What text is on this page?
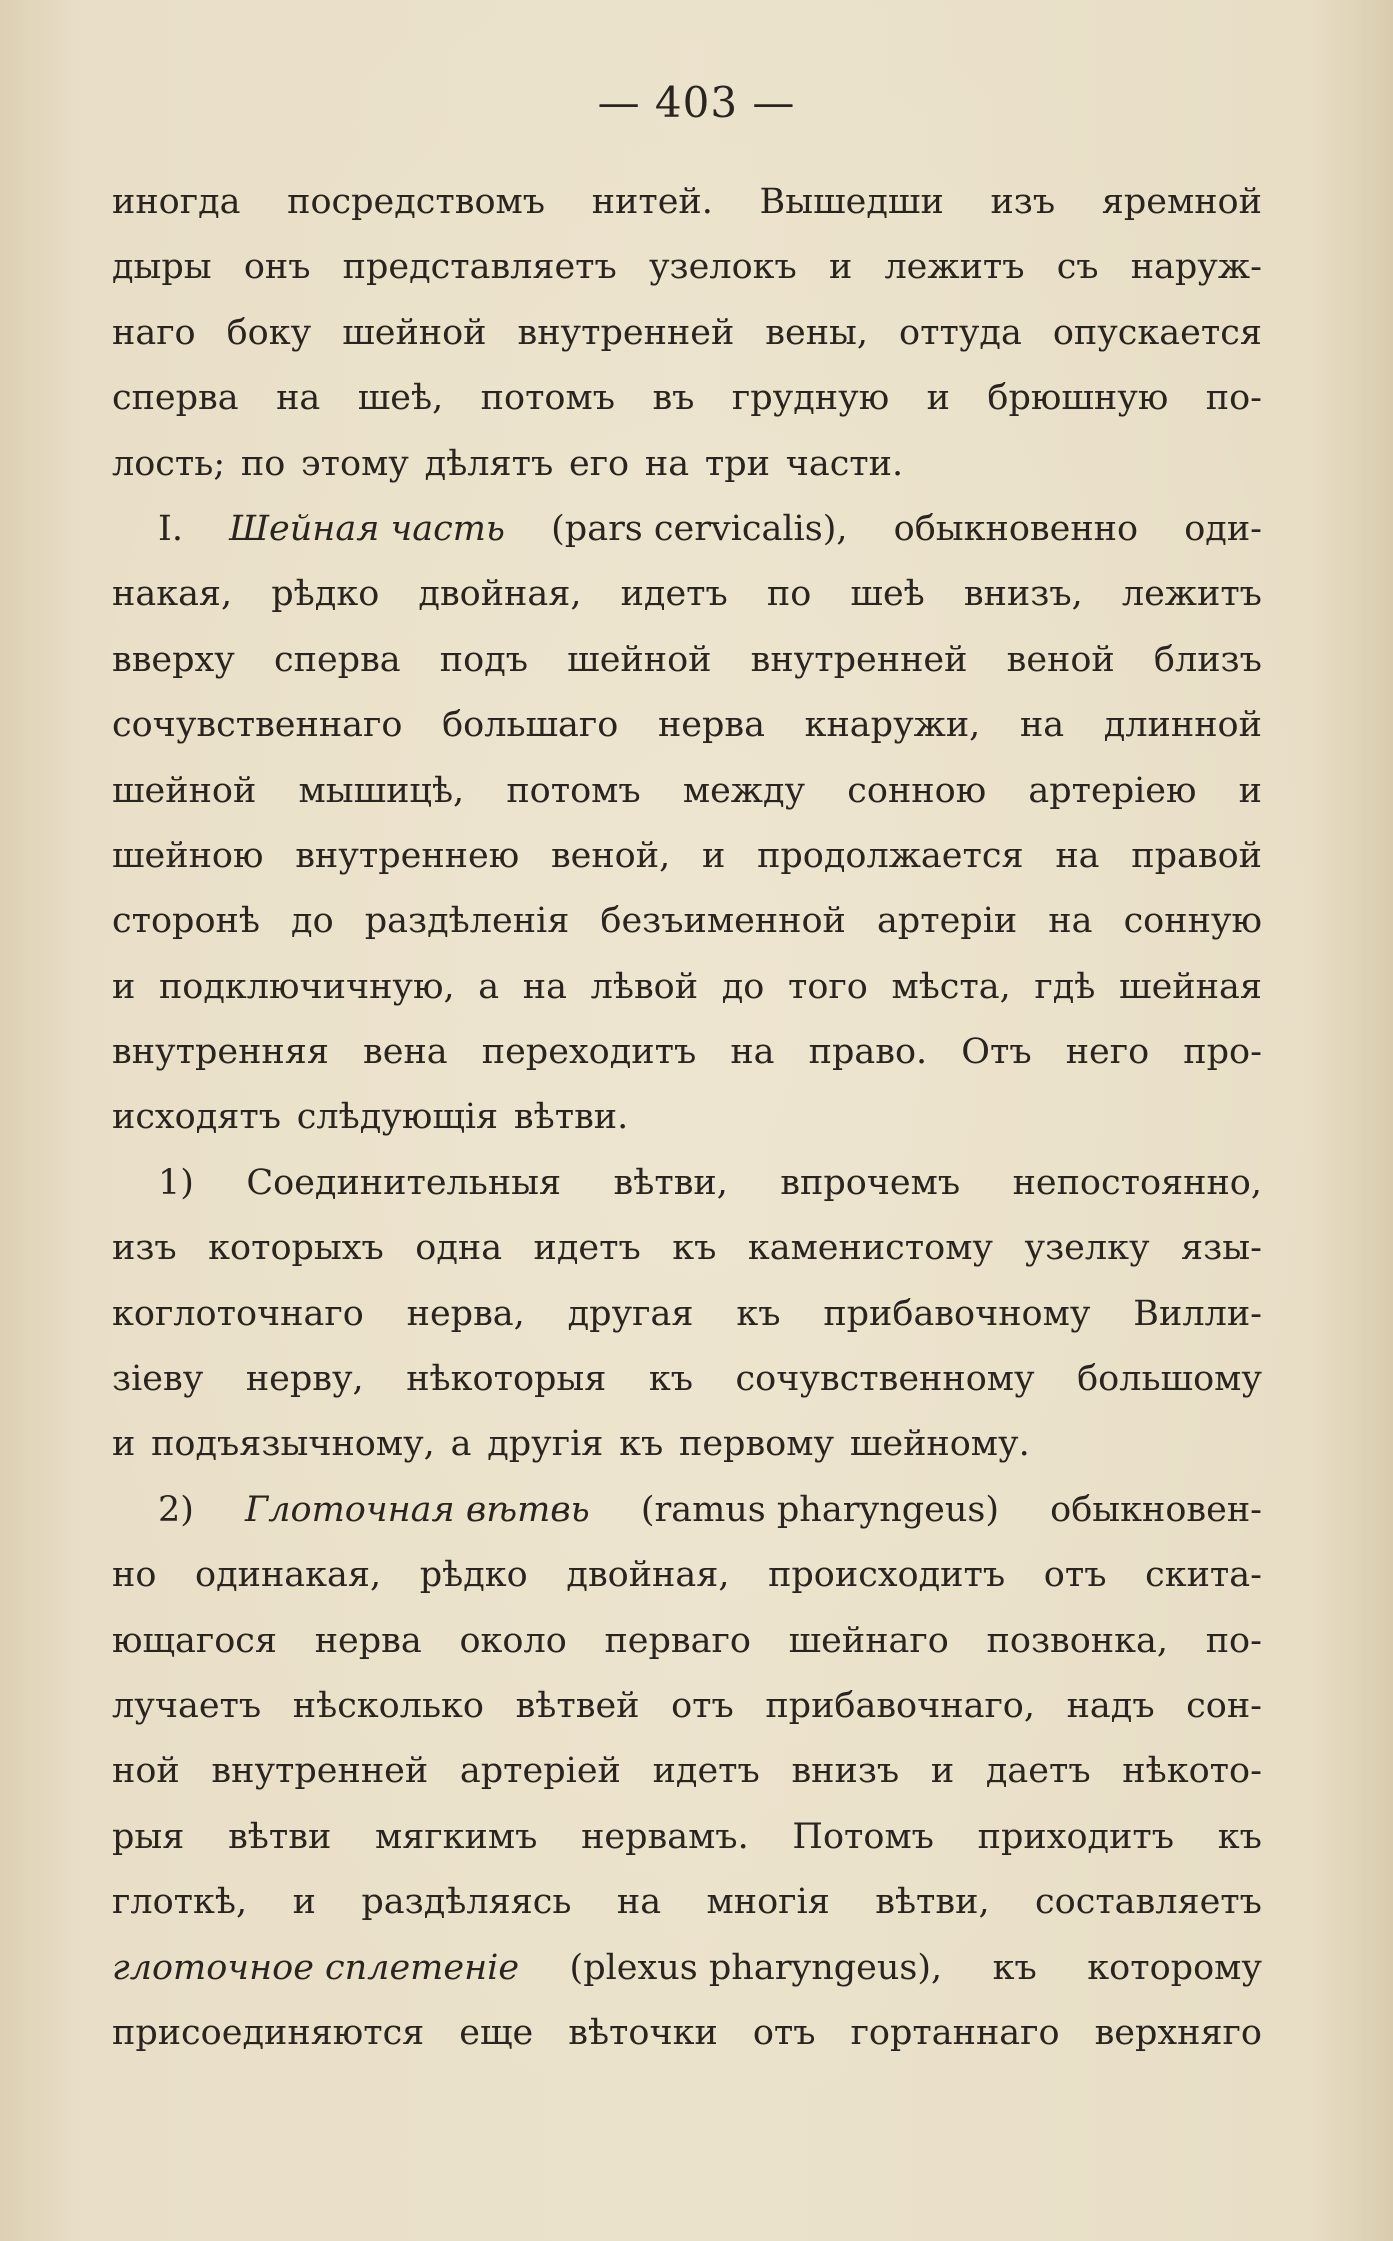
— 403 —
иногда посредствомъ нитей. Вышедши изъ яремной
дыры онъ представляетъ узелокъ и лежитъ съ наруж-
наго боку шейной внутренней вены, оттуда опускается
сперва на шеѣ, потомъ въ грудную и брюшную по-
лость; по этому дѣлятъ его на три части.
I. Шейная часть (pars cervicalis), обыкновенно оди-
накая, рѣдко двойная, идетъ по шеѣ внизъ, лежитъ
вверху сперва подъ шейной внутренней веной близъ
сочувственнаго большаго нерва кнаружи, на длинной
шейной мышицѣ, потомъ между сонною артеріею и
шейною внутреннею веной, и продолжается на правой
сторонѣ до раздѣленія безъименной артеріи на сонную
и подключичную, а на лѣвой до того мѣста, гдѣ шейная
внутренняя вена переходитъ на право. Отъ него про-
исходятъ слѣдующія вѣтви.
1) Соединительныя вѣтви, впрочемъ непостоянно,
изъ которыхъ одна идетъ къ каменистому узелку язы-
коглоточнаго нерва, другая къ прибавочному Вилли-
зіеву нерву, нѣкоторыя къ сочувственному большому
и подъязычному, а другія къ первому шейному.
2) Глоточная вѣтвь (ramus pharyngeus) обыкновен-
но одинакая, рѣдко двойная, происходитъ отъ скита-
ющагося нерва около перваго шейнаго позвонка, по-
лучаетъ нѣсколько вѣтвей отъ прибавочнаго, надъ сон-
ной внутренней артеріей идетъ внизъ и даетъ нѣкото-
рыя вѣтви мягкимъ нервамъ. Потомъ приходитъ къ
глоткѣ, и раздѣляясь на многія вѣтви, составляетъ
глоточное сплетеніе (plexus pharyngeus), къ которому
присоединяются еще вѣточки отъ гортаннаго верхняго
